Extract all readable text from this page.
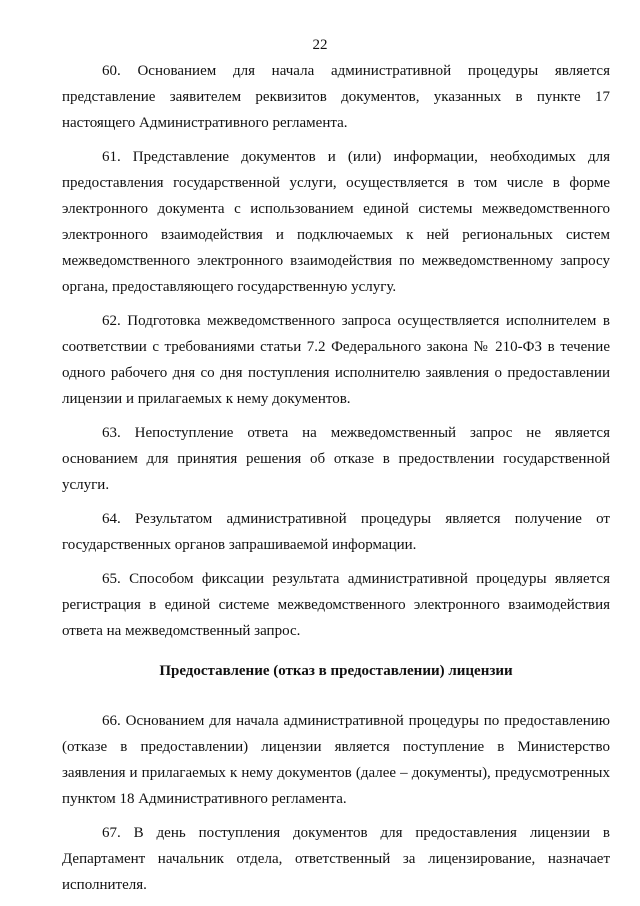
22

60. Основанием для начала административной процедуры является представление заявителем реквизитов документов, указанных в пункте 17 настоящего Административного регламента.

61. Представление документов и (или) информации, необходимых для предоставления государственной услуги, осуществляется в том числе в форме электронного документа с использованием единой системы межведомственного электронного взаимодействия и подключаемых к ней региональных систем межведомственного электронного взаимодействия по межведомственному запросу органа, предоставляющего государственную услугу.

62. Подготовка межведомственного запроса осуществляется исполнителем в соответствии с требованиями статьи 7.2 Федерального закона № 210-ФЗ в течение одного рабочего дня со дня поступления исполнителю заявления о предоставлении лицензии и прилагаемых к нему документов.

63. Непоступление ответа на межведомственный запрос не является основанием для принятия решения об отказе в предоствлении государственной услуги.

64. Результатом административной процедуры является получение от государственных органов запрашиваемой информации.

65. Способом фиксации результата административной процедуры является регистрация в единой системе межведомственного электронного взаимодействия ответа на межведомственный запрос.

Предоставление (отказ в предоставлении) лицензии

66. Основанием для начала административной процедуры по предоставлению (отказе в предоставлении) лицензии является поступление в Министерство заявления и прилагаемых к нему документов (далее – документы), предусмотренных пунктом 18 Административного регламента.

67. В день поступления документов для предоставления лицензии в Департамент начальник отдела, ответственный за лицензирование, назначает исполнителя.
